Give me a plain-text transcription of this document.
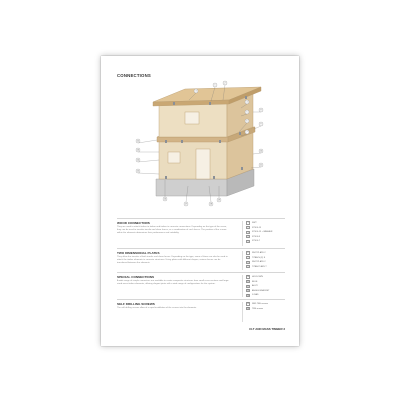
CONNECTIONS
1
2
3
4
5
6
7
8
9
10
11
12
13
14
15
16
17	18
19
WOOD CONNECTORS
They are used to attach timber to timber and timber to concrete connections. Depending on the type of the screw, they can be used to transfer tensile and shear forces, as a combination of such forces. The position of the screws within the elements determines their performance and suitability.
1	SWT
2	STS B-15
3	STS B-15 + WASHER
4	STS B-8
5	STS B-7
TWO DIMENSIONAL PLATES
They allow the transfer of both tensile and shear forces. Depending on the type, some of them can also be used to attach the timber elements to concrete structures. Using plates with different shapes, various forces can be transferred between the elements.
6	WHT PLATE C
7	TITAN N (F) S
8	WHT PLATE C
9	TITAN PLATE T
SPECIAL CONNECTIONS
A wide range of simple connectors are available to create composite structures from small cross-sections and large-sized mass timber elements, offering elegant joints with a wide range of configurations for the system.
10	HOLDOWN
11	BLUE
12	ALUTI
13	ANGLE BRACKET
14	X-RAD
SELF DRILLING SCREWS
The self drilling screws allow of a rapid installation of the screws into the elements.
15	SBD TEE screws
16	TBS screws
CLT AND MASS TIMBER 3
